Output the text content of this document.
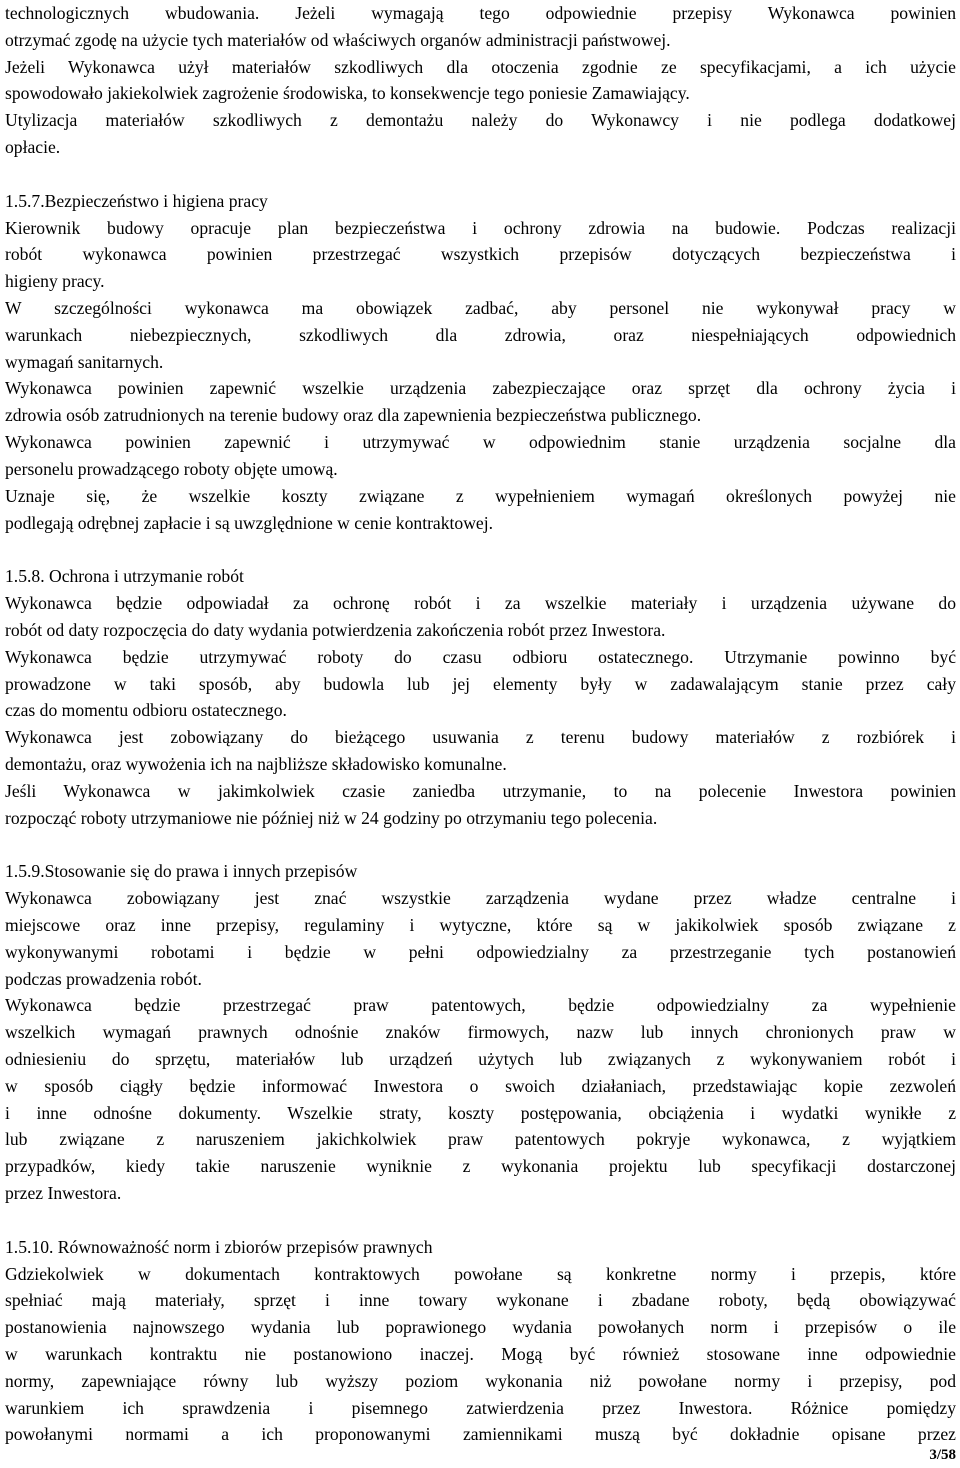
3/58
technologicznych wbudowania. Jeżeli wymagają tego odpowiednie przepisy Wykonawca powinien
otrzymać zgodę na użycie tych materiałów od właściwych organów administracji państwowej.
Jeżeli Wykonawca użył materiałów szkodliwych dla otoczenia zgodnie ze specyfikacjami, a ich użycie
spowodowało jakiekolwiek zagrożenie środowiska, to konsekwencje tego poniesie Zamawiający.
Utylizacja materiałów szkodliwych z demontażu należy do Wykonawcy i nie podlega dodatkowej
opłacie.
1.5.7.Bezpieczeństwo i higiena pracy
Kierownik budowy opracuje plan bezpieczeństwa i ochrony zdrowia na budowie. Podczas realizacji
robót wykonawca powinien przestrzegać wszystkich przepisów dotyczących bezpieczeństwa i
higieny pracy.
W szczególności wykonawca ma obowiązek zadbać, aby personel nie wykonywał pracy w
warunkach niebezpiecznych, szkodliwych dla zdrowia, oraz niespełniających odpowiednich
wymagań sanitarnych.
Wykonawca powinien zapewnić wszelkie urządzenia zabezpieczające oraz sprzęt dla ochrony życia i
zdrowia osób zatrudnionych na terenie budowy oraz dla zapewnienia bezpieczeństwa publicznego.
Wykonawca powinien zapewnić i utrzymywać w odpowiednim stanie urządzenia socjalne dla
personelu prowadzącego roboty objęte umową.
Uznaje się, że wszelkie koszty związane z wypełnieniem wymagań określonych powyżej nie
podlegają odrębnej zapłacie i są uwzględnione w cenie kontraktowej.
1.5.8. Ochrona i utrzymanie robót
Wykonawca będzie odpowiadał za ochronę robót i za wszelkie materiały i urządzenia używane do
robót od daty rozpoczęcia do daty wydania potwierdzenia zakończenia robót przez Inwestora.
Wykonawca będzie utrzymywać roboty do czasu odbioru ostatecznego. Utrzymanie powinno być
prowadzone w taki sposób, aby budowla lub jej elementy były w zadawalającym stanie przez cały
czas do momentu odbioru ostatecznego.
Wykonawca jest zobowiązany do bieżącego usuwania z terenu budowy materiałów z rozbiórek i
demontażu, oraz wywożenia ich na najbliższe składowisko komunalne.
Jeśli Wykonawca w jakimkolwiek czasie zaniedba utrzymanie, to na polecenie Inwestora powinien
rozpocząć roboty utrzymaniowe nie później niż w 24 godziny po otrzymaniu tego polecenia.
1.5.9.Stosowanie się do prawa i innych przepisów
Wykonawca zobowiązany jest znać wszystkie zarządzenia wydane przez władze centralne i
miejscowe oraz inne przepisy, regulaminy i wytyczne, które są w jakikolwiek sposób związane z
wykonywanymi robotami i będzie w pełni odpowiedzialny za przestrzeganie tych postanowień
podczas prowadzenia robót.
Wykonawca będzie przestrzegać praw patentowych, będzie odpowiedzialny za wypełnienie
wszelkich wymagań prawnych odnośnie znaków firmowych, nazw lub innych chronionych praw w
odniesieniu do sprzętu, materiałów lub urządzeń użytych lub związanych z wykonywaniem robót i
w sposób ciągły będzie informować Inwestora o swoich działaniach, przedstawiając kopie zezwoleń
i inne odnośne dokumenty. Wszelkie straty, koszty postępowania, obciążenia i wydatki wynikłe z
lub związane z naruszeniem jakichkolwiek praw patentowych pokryje wykonawca, z wyjątkiem
przypadków, kiedy takie naruszenie wyniknie z wykonania projektu lub specyfikacji dostarczonej
przez Inwestora.
1.5.10. Równoważność norm i zbiorów przepisów prawnych
Gdziekolwiek w dokumentach kontraktowych powołane są konkretne normy i przepis, które
spełniać mają materiały, sprzęt i inne towary wykonane i zbadane roboty, będą obowiązywać
postanowienia najnowszego wydania lub poprawionego wydania powołanych norm i przepisów o ile
w warunkach kontraktu nie postanowiono inaczej. Mogą być również stosowane inne odpowiednie
normy, zapewniające równy lub wyższy poziom wykonania niż powołane normy i przepisy, pod
warunkiem ich sprawdzenia i pisemnego zatwierdzenia przez Inwestora. Różnice pomiędzy
powołanymi normami a ich proponowanymi zamiennikami muszą być dokładnie opisane przez
